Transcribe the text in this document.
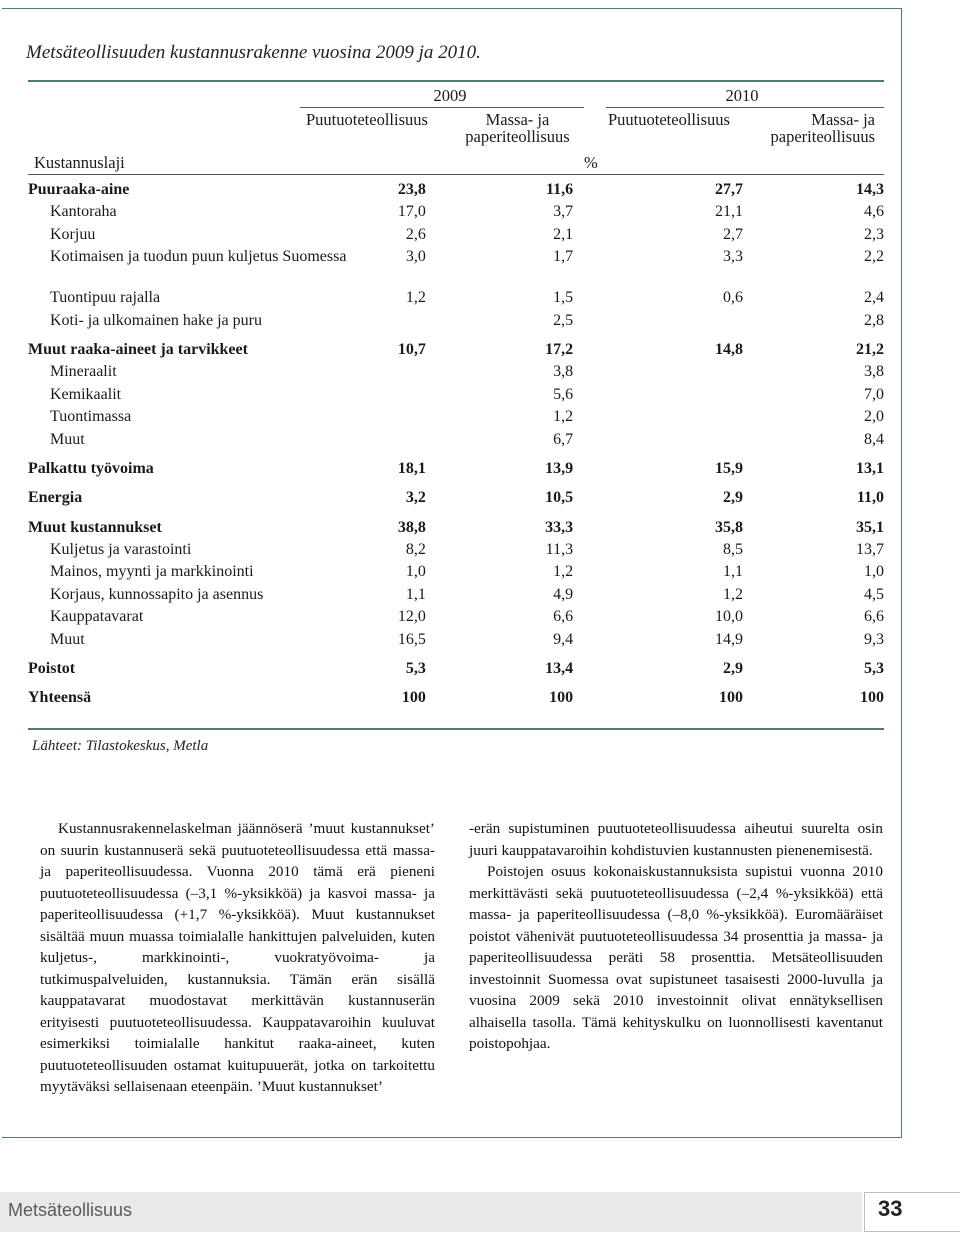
Metsäteollisuuden kustannusrakenne vuosina 2009 ja 2010.
2009	2010
Puutuoteteollisuus	Massa- ja
paperiteollisuus
Puutuoteteollisuus	Massa- ja
paperiteollisuus
Kustannuslaji	%
Puuraaka-aine	23,8	11,6	27,7	14,3
Kantoraha	17,0	3,7	21,1	4,6
Korjuu	2,6	2,1	2,7	2,3
Kotimaisen ja tuodun puun kuljetus Suomessa	3,0	1,7	3,3	2,2
Tuontipuu rajalla	1,2	1,5	0,6	2,4
Koti- ja ulkomainen hake ja puru		2,5		2,8
Muut raaka-aineet ja tarvikkeet	10,7	17,2	14,8	21,2
Mineraalit		3,8		3,8
Kemikaalit		5,6		7,0
Tuontimassa		1,2		2,0
Muut		6,7		8,4
Palkattu työvoima	18,1	13,9	15,9	13,1
Energia	3,2	10,5	2,9	11,0
Muut kustannukset	38,8	33,3	35,8	35,1
Kuljetus ja varastointi	8,2	11,3	8,5	13,7
Mainos, myynti ja markkinointi	1,0	1,2	1,1	1,0
Korjaus, kunnossapito ja asennus	1,1	4,9	1,2	4,5
Kauppatavarat	12,0	6,6	10,0	6,6
Muut	16,5	9,4	14,9	9,3
Poistot	5,3	13,4	2,9	5,3
Yhteensä	100	100	100	100
Lähteet: Tilastokeskus, Metla

Kustannusrakennelaskelman jäännöserä ’muut kustannukset’ on suurin kustannuserä sekä puutuoteteollisuudessa että massa- ja paperiteollisuudessa. Vuonna 2010 tämä erä pieneni puutuoteteollisuudessa (–3,1 %-yksikköä) ja kasvoi massa- ja paperiteollisuudessa (+1,7 %-yksikköä). Muut kustannukset sisältää muun muassa toimialalle hankittujen palveluiden, kuten kuljetus-, markkinointi-, vuokratyövoima- ja tutkimuspalveluiden, kustannuksia. Tämän erän sisällä kauppatavarat muodostavat merkittävän kustannuserän erityisesti puutuoteteollisuudessa. Kauppatavaroihin kuuluvat esimerkiksi toimialalle hankitut raaka-aineet, kuten puutuoteteollisuuden ostamat kuitupuuerät, jotka on tarkoitettu myytäväksi sellaisenaan eteenpäin. ’Muut kustannukset’

-erän supistuminen puutuoteteollisuudessa aiheutui suurelta osin juuri kauppatavaroihin kohdistuvien kustannusten pienenemisestä.

Poistojen osuus kokonaiskustannuksista supistui vuonna 2010 merkittävästi sekä puutuoteteollisuudessa (–2,4 %-yksikköä) että massa- ja paperiteollisuudessa (–8,0 %-yksikköä). Euromääräiset poistot vähenivät puutuoteteollisuudessa 34 prosenttia ja massa- ja paperiteollisuudessa peräti 58 prosenttia. Metsäteollisuuden investoinnit Suomessa ovat supistuneet tasaisesti 2000-luvulla ja vuosina 2009 sekä 2010 investoinnit olivat ennätyksellisen alhaisella tasolla. Tämä kehityskulku on luonnollisesti kaventanut poistopohjaa.

Metsäteollisuus	33
